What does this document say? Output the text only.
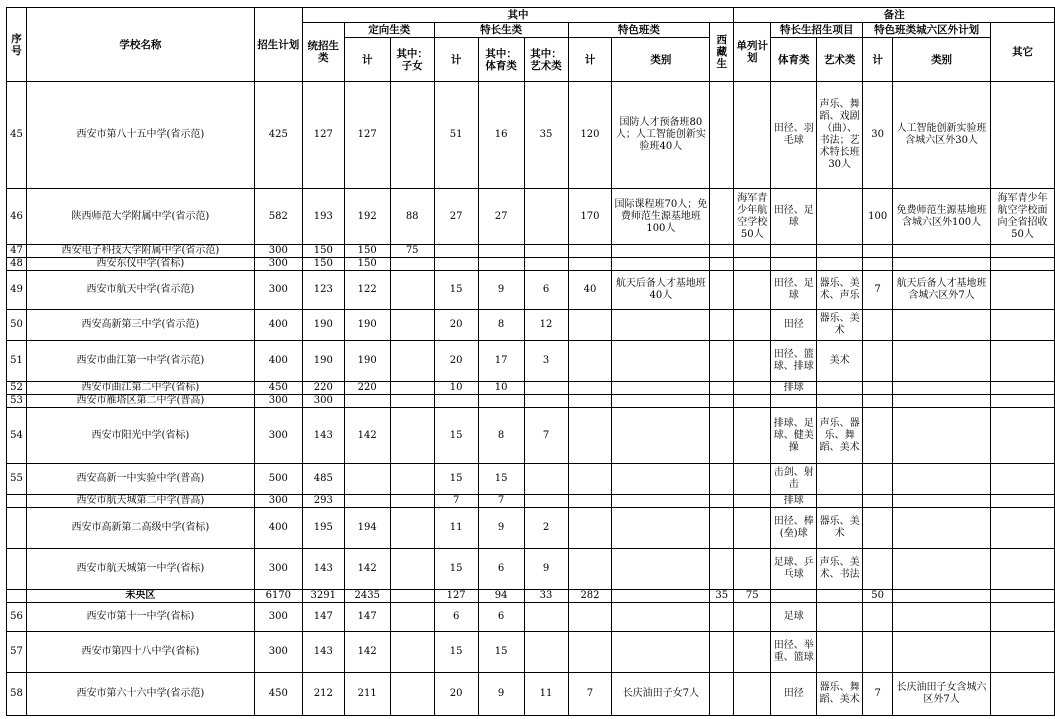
序号	学校名称	招生计划	其中									备注					
			统招生类	定向生类		特长生类			特色班类		西藏生	单列计划	特长生招生项目		特色班类城六区外计划		其它
				计	其中：子女	计	其中：体育类	其中：艺术类	计	类别			体育类	艺术类	计	类别	

45	西安市第八十五中学(省示范)	425	127	127		51	16	35	120	国防人才预备班80人；人工智能创新实验班40人			田径、羽毛球	声乐、舞蹈、戏剧（曲）、书法；艺术特长班30人	30	人工智能创新实验班含城六区外30人	
46	陕西师范大学附属中学(省示范)	582	193	192	88	27	27		170	国际课程班70人；免费师范生源基地班100人		海军青少年航空学校50人	田径、足球		100	免费师范生源基地班含城六区外100人	海军青少年航空学校面向全省招收50人
47	西安电子科技大学附属中学(省示范)	300	150	150	75												
48	西安东仪中学(省标)	300	150	150													
49	西安市航天中学(省示范)	300	123	122		15	9	6	40	航天后备人才基地班40人			田径、足球	器乐、美术、声乐	7	航天后备人才基地班含城六区外7人	
50	西安高新第三中学(省示范)	400	190	190		20	8	12					田径	器乐、美术			
51	西安市曲江第一中学(省示范)	400	190	190		20	17	3					田径、篮球、排球	美术			
52	西安市曲江第二中学(省标)	450	220	220		10	10						排球				
53	西安市雁塔区第二中学(普高)	300	300														
54	西安市阳光中学(省标)	300	143	142		15	8	7					排球、足球、健美操	声乐、器乐、舞蹈、美术			
55	西安高新一中实验中学(普高)	500	485			15	15						击剑、射击				
	西安市航天城第二中学(普高)	300	293			7	7						排球				
	西安市高新第二高级中学(省标)	400	195	194		11	9	2					田径、棒(垒)球	器乐、美术			
	西安市航天城第一中学(省标)	300	143	142		15	6	9					足球、乒乓球	声乐、美术、书法			
	未央区	6170	3291	2435		127	94	33	282		35	75			50		
56	西安市第十一中学(省标)	300	147	147		6	6						足球				
57	西安市第四十八中学(省标)	300	143	142		15	15						田径、举重、篮球				
58	西安市第六十六中学(省示范)	450	212	211		20	9	11	7	长庆油田子女7人			田径	器乐、舞蹈、美术	7	长庆油田子女含城六区外7人	
